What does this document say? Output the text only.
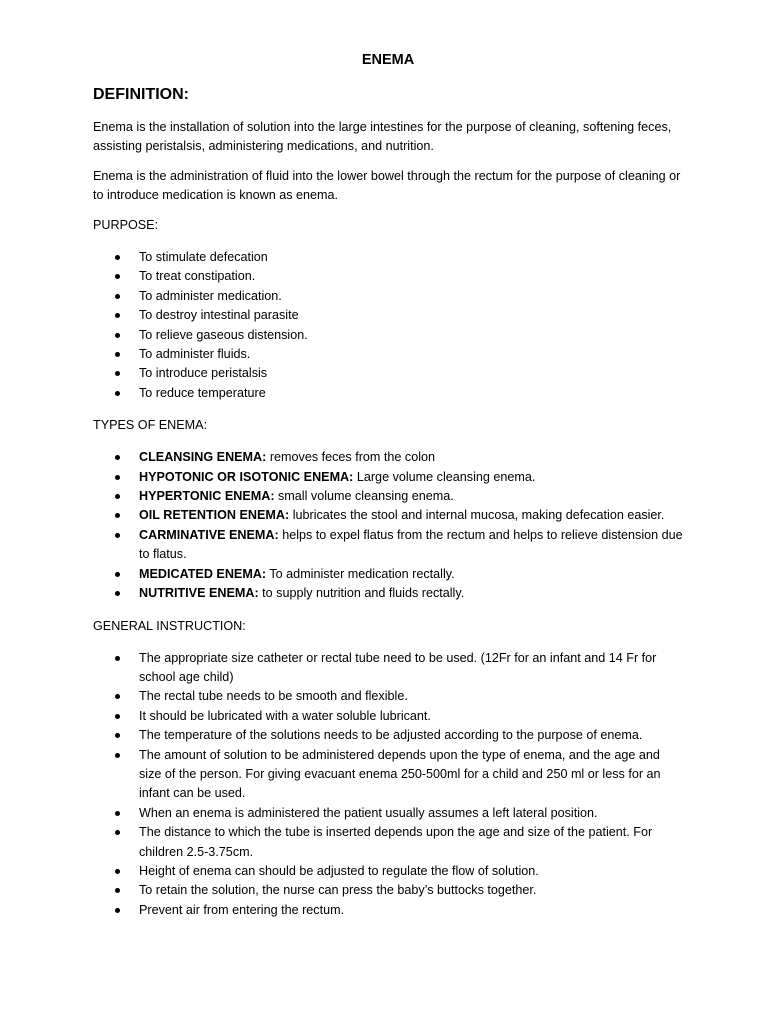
ENEMA
DEFINITION:

Enema is the installation of solution into the large intestines for the purpose of cleaning, softening feces, assisting peristalsis, administering medications, and nutrition.

Enema is the administration of fluid into the lower bowel through the rectum for the purpose of cleaning or to introduce medication is known as enema.

PURPOSE:
To stimulate defecation
To treat constipation.
To administer medication.
To destroy intestinal parasite
To relieve gaseous distension.
To administer fluids.
To introduce peristalsis
To reduce temperature
TYPES OF ENEMA:
CLEANSING ENEMA: removes feces from the colon
HYPOTONIC OR ISOTONIC ENEMA: Large volume cleansing enema.
HYPERTONIC ENEMA: small volume cleansing enema.
OIL RETENTION ENEMA: lubricates the stool and internal mucosa, making defecation easier.
CARMINATIVE ENEMA: helps to expel flatus from the rectum and helps to relieve distension due to flatus.
MEDICATED ENEMA: To administer medication rectally.
NUTRITIVE ENEMA: to supply nutrition and fluids rectally.
GENERAL INSTRUCTION:
The appropriate size catheter or rectal tube need to be used. (12Fr for an infant and 14 Fr for school age child)
The rectal tube needs to be smooth and flexible.
It should be lubricated with a water soluble lubricant.
The temperature of the solutions needs to be adjusted according to the purpose of enema.
The amount of solution to be administered depends upon the type of enema, and the age and size of the person. For giving evacuant enema 250-500ml for a child and 250 ml or less for an infant can be used.
When an enema is administered the patient usually assumes a left lateral position.
The distance to which the tube is inserted depends upon the age and size of the patient. For children 2.5-3.75cm.
Height of enema can should be adjusted to regulate the flow of solution.
To retain the solution, the nurse can press the baby’s buttocks together.
Prevent air from entering the rectum.
